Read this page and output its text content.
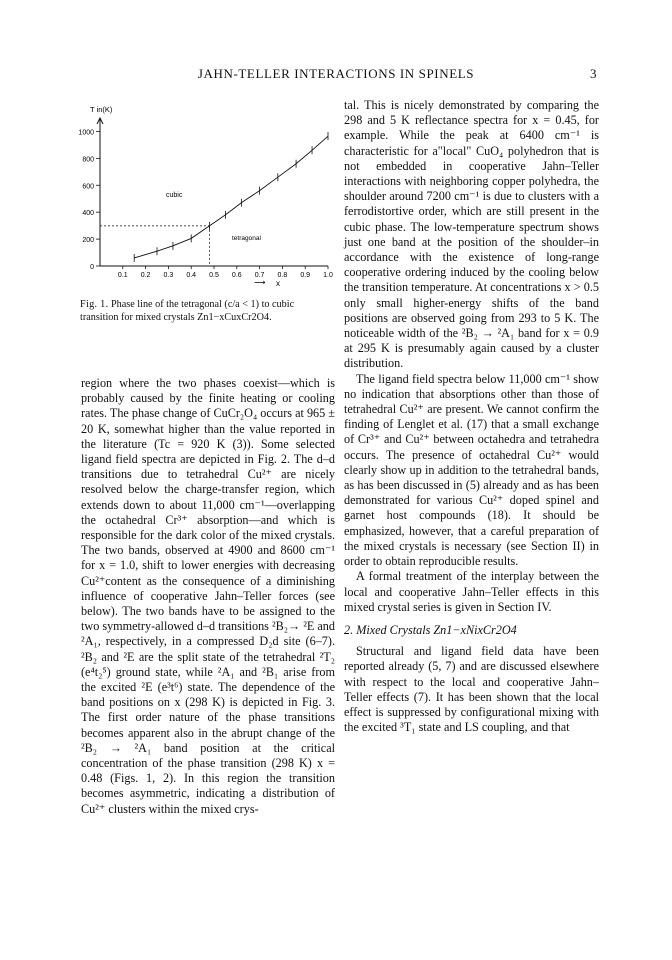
JAHN-TELLER INTERACTIONS IN SPINELS	3
T in(K)
⟶ x
cubic
tetragonal
0
200
400
600
800
1000
0.1 0.2 0.3 0.4 0.5 0.6 0.7 0.8 0.9 1.0
Fig. 1. Phase line of the tetragonal (c/a < 1) to cubic transition for mixed crystals Zn1−xCuxCr2O4.

region where the two phases coexist—which is probably caused by the finite heating or cooling rates. The phase change of CuCr₂O₄ occurs at 965 ± 20 K, somewhat higher than the value reported in the literature (Tc = 920 K (3)). Some selected ligand field spectra are depicted in Fig. 2. The d–d transitions due to tetrahedral Cu²⁺ are nicely resolved below the charge-transfer region, which extends down to about 11,000 cm⁻¹—overlapping the octahedral Cr³⁺ absorption—and which is responsible for the dark color of the mixed crystals. The two bands, observed at 4900 and 8600 cm⁻¹ for x = 1.0, shift to lower energies with decreasing Cu²⁺content as the consequence of a diminishing influence of cooperative Jahn–Teller forces (see below). The two bands have to be assigned to the two symmetry-allowed d–d transitions ²B₂→ ²E and ²A₁, respectively, in a compressed D₂d site (6–7). ²B₂ and ²E are the split state of the tetrahedral ²T₂ (e⁴t₂⁵) ground state, while ²A₁ and ²B₁ arise from the excited ²E (e³t⁶) state. The dependence of the band positions on x (298 K) is depicted in Fig. 3. The first order nature of the phase transitions becomes apparent also in the abrupt change of the ²B₂ → ²A₁ band position at the critical concentration of the phase transition (298 K) x = 0.48 (Figs. 1, 2). In this region the transition becomes asymmetric, indicating a distribution of Cu²⁺ clusters within the mixed crys-

tal. This is nicely demonstrated by comparing the 298 and 5 K reflectance spectra for x = 0.45, for example. While the peak at 6400 cm⁻¹ is characteristic for a"local" CuO₄ polyhedron that is not embedded in cooperative Jahn–Teller interactions with neighboring copper polyhedra, the shoulder around 7200 cm⁻¹ is due to clusters with a ferrodistortive order, which are still present in the cubic phase. The low-temperature spectrum shows just one band at the position of the shoulder–in accordance with the existence of long-range cooperative ordering induced by the cooling below the transition temperature. At concentrations x > 0.5 only small higher-energy shifts of the band positions are observed going from 293 to 5 K. The noticeable width of the ²B₂ → ²A₁ band for x = 0.9 at 295 K is presumably again caused by a cluster distribution.

The ligand field spectra below 11,000 cm⁻¹ show no indication that absorptions other than those of tetrahedral Cu²⁺ are present. We cannot confirm the finding of Lenglet et al. (17) that a small exchange of Cr³⁺ and Cu²⁺ between octahedra and tetrahedra occurs. The presence of octahedral Cu²⁺ would clearly show up in addition to the tetrahedral bands, as has been discussed in (5) already and as has been demonstrated for various Cu²⁺ doped spinel and garnet host compounds (18). It should be emphasized, however, that a careful preparation of the mixed crystals is necessary (see Section II) in order to obtain reproducible results.

A formal treatment of the interplay between the local and cooperative Jahn–Teller effects in this mixed crystal series is given in Section IV.

2. Mixed Crystals Zn1−xNixCr2O4

Structural and ligand field data have been reported already (5, 7) and are discussed elsewhere with respect to the local and cooperative Jahn–Teller effects (7). It has been shown that the local effect is suppressed by configurational mixing with the excited ³T₁ state and LS coupling, and that
